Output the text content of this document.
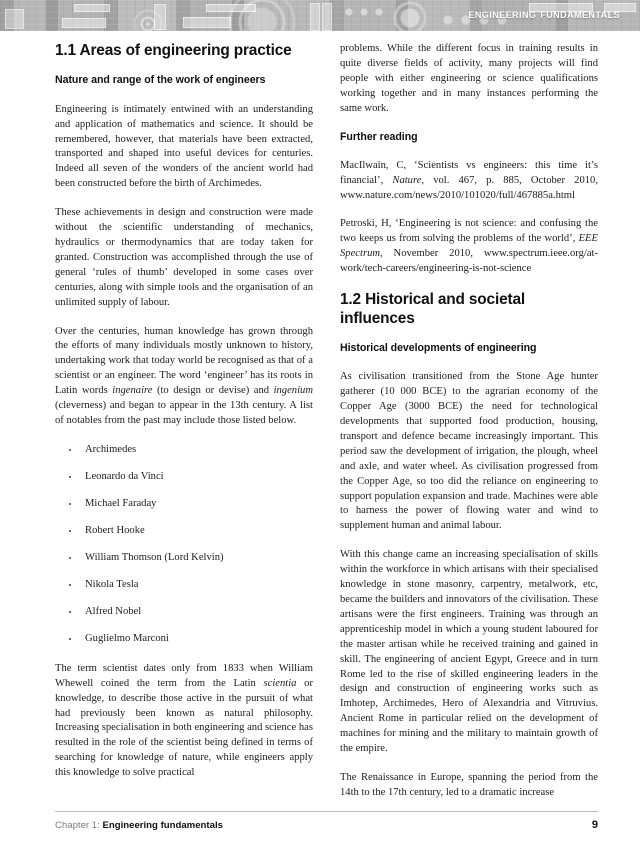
engineering fundamentals
1.1 Areas of engineering practice
Nature and range of the work of engineers

Engineering is intimately entwined with an understanding and application of mathematics and science. It should be remembered, however, that materials have been extracted, transported and shaped into useful devices for centuries. Indeed all seven of the wonders of the ancient world had been constructed before the birth of Archimedes.

These achievements in design and construction were made without the scientific understanding of mechanics, hydraulics or thermodynamics that are today taken for granted. Construction was accomplished through the use of general ‘rules of thumb’ developed in some cases over centuries, along with simple tools and the organisation of an unlimited supply of labour.

Over the centuries, human knowledge has grown through the efforts of many individuals mostly unknown to history, undertaking work that today world be recognised as that of a scientist or an engineer. The word ‘engineer’ has its roots in Latin words ingenaire (to design or devise) and ingenium (cleverness) and began to appear in the 13th century. A list of notables from the past may include those listed below.

Archimedes
Leonardo da Vinci
Michael Faraday
Robert Hooke
William Thomson (Lord Kelvin)
Nikola Tesla
Alfred Nobel
Guglielmo Marconi

The term scientist dates only from 1833 when William Whewell coined the term from the Latin scientia or knowledge, to describe those active in the pursuit of what had previously been known as natural philosophy. Increasing specialisation in both engineering and science has resulted in the role of the scientist being defined in terms of searching for knowledge of nature, while engineers apply this knowledge to solve practical

problems. While the different focus in training results in quite diverse fields of activity, many projects will find people with either engineering or science qualifications working together and in many instances performing the same work.

Further reading

MacIlwain, C, ‘Scientists vs engineers: this time it’s financial’, Nature, vol. 467, p. 885, October 2010, www.nature.com/news/2010/101020/full/467885a.html

Petroski, H, ‘Engineering is not science: and confusing the two keeps us from solving the problems of the world’, EEE Spectrum, November 2010, www.spectrum.ieee.org/at-work/tech-careers/engineering-is-not-science

1.2 Historical and societal influences
Historical developments of engineering

As civilisation transitioned from the Stone Age hunter gatherer (10 000 BCE) to the agrarian economy of the Copper Age (3000 BCE) the need for technological developments that supported food production, housing, transport and defence became increasingly important. This period saw the development of irrigation, the plough, wheel and axle, and water wheel. As civilisation progressed from the Copper Age, so too did the reliance on engineering to support population expansion and trade. Machines were able to harness the power of flowing water and wind to supplement human and animal labour.

With this change came an increasing specialisation of skills within the workforce in which artisans with their specialised knowledge in stone masonry, carpentry, metalwork, etc, became the builders and innovators of the civilisation. These artisans were the first engineers. Training was through an apprenticeship model in which a young student laboured for the master artisan while he received training and gained in skill. The engineering of ancient Egypt, Greece and in turn Rome led to the rise of skilled engineering leaders in the design and construction of engineering works such as Imhotep, Archimedes, Hero of Alexandria and Vitruvius. Ancient Rome in particular relied on the development of machines for mining and the military to maintain growth of the empire.

The Renaissance in Europe, spanning the period from the 14th to the 17th century, led to a dramatic increase

Chapter 1: Engineering fundamentals	9
